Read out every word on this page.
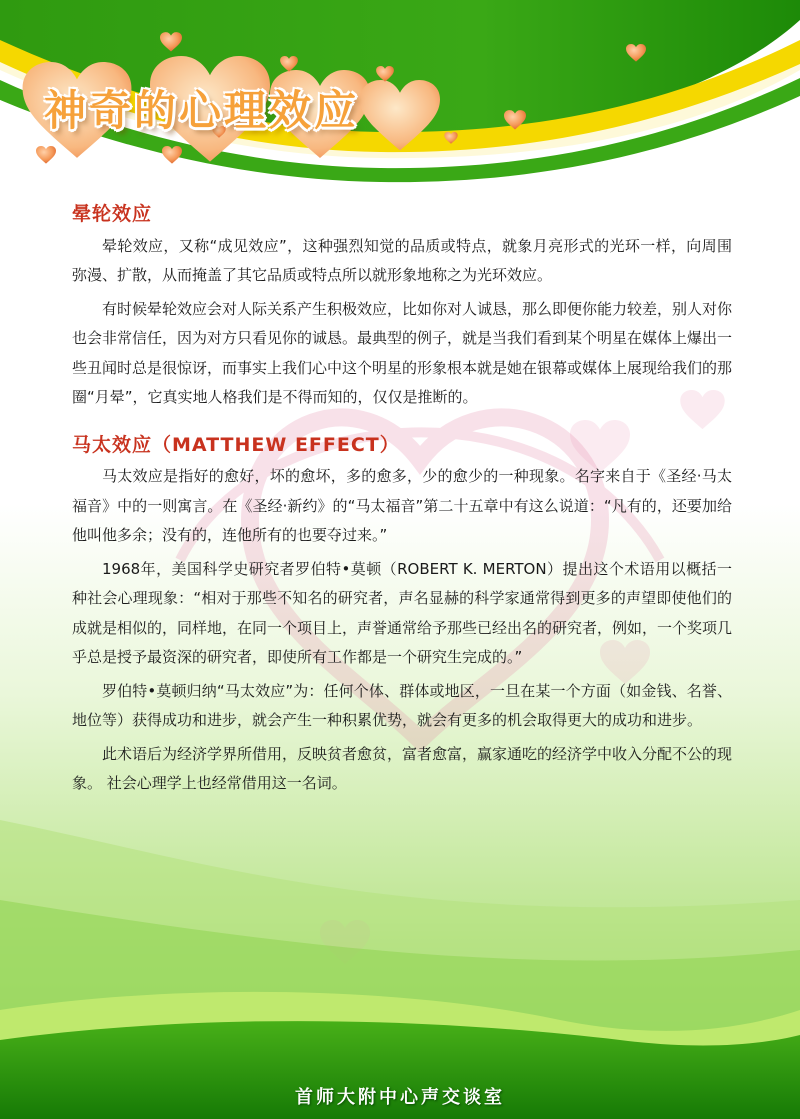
神奇的心理效应
晕轮效应

晕轮效应，又称“成见效应”，这种强烈知觉的品质或特点，就象月亮形式的光环一样，向周围弥漫、扩散，从而掩盖了其它品质或特点所以就形象地称之为光环效应。

有时候晕轮效应会对人际关系产生积极效应，比如你对人诚恳，那么即便你能力较差，别人对你也会非常信任，因为对方只看见你的诚恳。最典型的例子，就是当我们看到某个明星在媒体上爆出一些丑闻时总是很惊讶，而事实上我们心中这个明星的形象根本就是她在银幕或媒体上展现给我们的那圈“月晕”，它真实地人格我们是不得而知的，仅仅是推断的。

马太效应（MATTHEW EFFECT）

马太效应是指好的愈好，坏的愈坏，多的愈多，少的愈少的一种现象。名字来自于《圣经·马太福音》中的一则寓言。在《圣经·新约》的“马太福音”第二十五章中有这么说道：“凡有的，还要加给他叫他多余；没有的，连他所有的也要夺过来。”

1968年，美国科学史研究者罗伯特•莫顿（ROBERT K. MERTON）提出这个术语用以概括一种社会心理现象：“相对于那些不知名的研究者，声名显赫的科学家通常得到更多的声望即使他们的成就是相似的，同样地，在同一个项目上，声誉通常给予那些已经出名的研究者，例如，一个奖项几乎总是授予最资深的研究者，即使所有工作都是一个研究生完成的。”

罗伯特•莫顿归纳“马太效应”为：任何个体、群体或地区，一旦在某一个方面（如金钱、名誉、地位等）获得成功和进步，就会产生一种积累优势，就会有更多的机会取得更大的成功和进步。

此术语后为经济学界所借用，反映贫者愈贫，富者愈富，赢家通吃的经济学中收入分配不公的现象。 社会心理学上也经常借用这一名词。

首师大附中心声交谈室
